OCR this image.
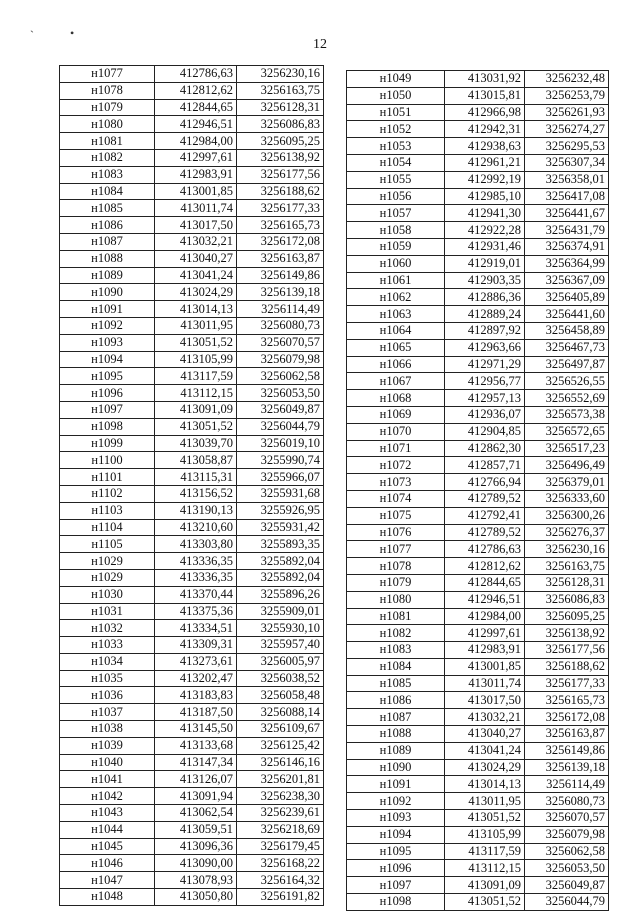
`	•
12
н1077	412786,63	3256230,16
н1078	412812,62	3256163,75
н1079	412844,65	3256128,31
н1080	412946,51	3256086,83
н1081	412984,00	3256095,25
н1082	412997,61	3256138,92
н1083	412983,91	3256177,56
н1084	413001,85	3256188,62
н1085	413011,74	3256177,33
н1086	413017,50	3256165,73
н1087	413032,21	3256172,08
н1088	413040,27	3256163,87
н1089	413041,24	3256149,86
н1090	413024,29	3256139,18
н1091	413014,13	3256114,49
н1092	413011,95	3256080,73
н1093	413051,52	3256070,57
н1094	413105,99	3256079,98
н1095	413117,59	3256062,58
н1096	413112,15	3256053,50
н1097	413091,09	3256049,87
н1098	413051,52	3256044,79
н1099	413039,70	3256019,10
н1100	413058,87	3255990,74
н1101	413115,31	3255966,07
н1102	413156,52	3255931,68
н1103	413190,13	3255926,95
н1104	413210,60	3255931,42
н1105	413303,80	3255893,35
н1029	413336,35	3255892,04
н1029	413336,35	3255892,04
н1030	413370,44	3255896,26
н1031	413375,36	3255909,01
н1032	413334,51	3255930,10
н1033	413309,31	3255957,40
н1034	413273,61	3256005,97
н1035	413202,47	3256038,52
н1036	413183,83	3256058,48
н1037	413187,50	3256088,14
н1038	413145,50	3256109,67
н1039	413133,68	3256125,42
н1040	413147,34	3256146,16
н1041	413126,07	3256201,81
н1042	413091,94	3256238,30
н1043	413062,54	3256239,61
н1044	413059,51	3256218,69
н1045	413096,36	3256179,45
н1046	413090,00	3256168,22
н1047	413078,93	3256164,32
н1048	413050,80	3256191,82
н1049	413031,92	3256232,48
н1050	413015,81	3256253,79
н1051	412966,98	3256261,93
н1052	412942,31	3256274,27
н1053	412938,63	3256295,53
н1054	412961,21	3256307,34
н1055	412992,19	3256358,01
н1056	412985,10	3256417,08
н1057	412941,30	3256441,67
н1058	412922,28	3256431,79
н1059	412931,46	3256374,91
н1060	412919,01	3256364,99
н1061	412903,35	3256367,09
н1062	412886,36	3256405,89
н1063	412889,24	3256441,60
н1064	412897,92	3256458,89
н1065	412963,66	3256467,73
н1066	412971,29	3256497,87
н1067	412956,77	3256526,55
н1068	412957,13	3256552,69
н1069	412936,07	3256573,38
н1070	412904,85	3256572,65
н1071	412862,30	3256517,23
н1072	412857,71	3256496,49
н1073	412766,94	3256379,01
н1074	412789,52	3256333,60
н1075	412792,41	3256300,26
н1076	412789,52	3256276,37
н1077	412786,63	3256230,16
н1078	412812,62	3256163,75
н1079	412844,65	3256128,31
н1080	412946,51	3256086,83
н1081	412984,00	3256095,25
н1082	412997,61	3256138,92
н1083	412983,91	3256177,56
н1084	413001,85	3256188,62
н1085	413011,74	3256177,33
н1086	413017,50	3256165,73
н1087	413032,21	3256172,08
н1088	413040,27	3256163,87
н1089	413041,24	3256149,86
н1090	413024,29	3256139,18
н1091	413014,13	3256114,49
н1092	413011,95	3256080,73
н1093	413051,52	3256070,57
н1094	413105,99	3256079,98
н1095	413117,59	3256062,58
н1096	413112,15	3256053,50
н1097	413091,09	3256049,87
н1098	413051,52	3256044,79
